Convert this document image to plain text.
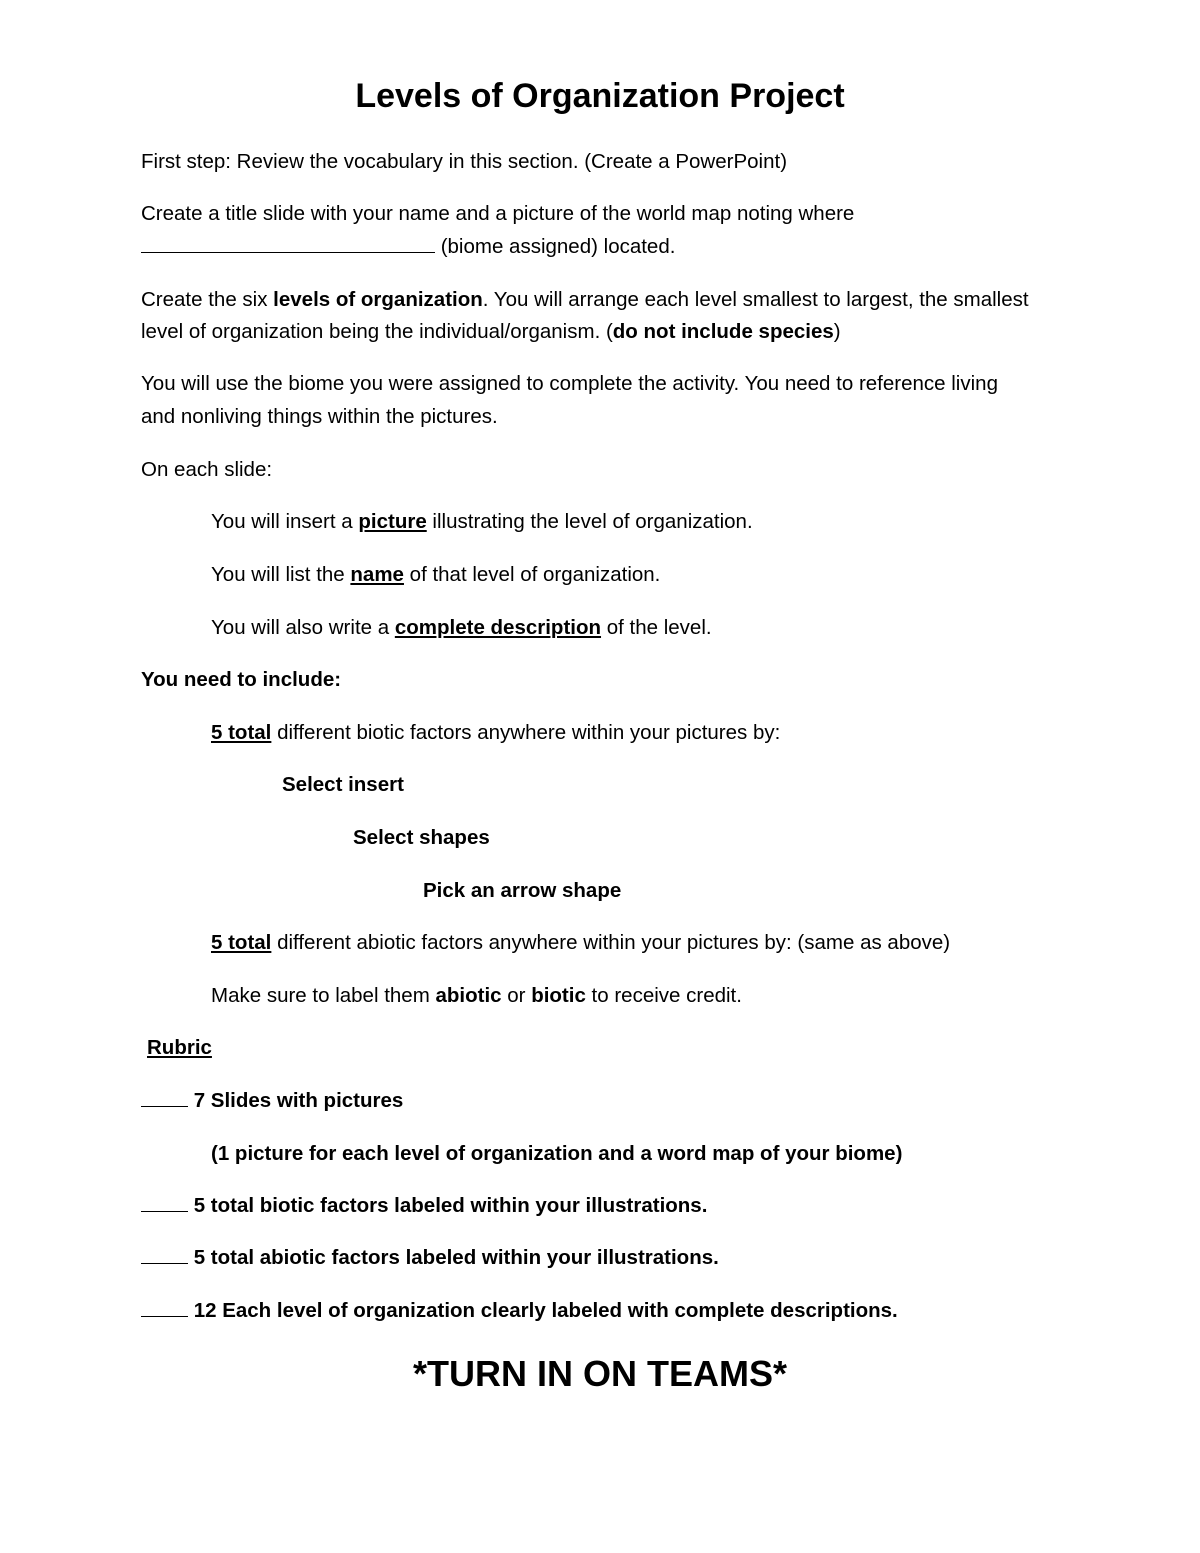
Levels of Organization Project
First step: Review the vocabulary in this section. (Create a PowerPoint)
Create a title slide with your name and a picture of the world map noting where
(biome assigned) located.
Create the six levels of organization. You will arrange each level smallest to largest, the smallest
level of organization being the individual/organism. (do not include species)
You will use the biome you were assigned to complete the activity. You need to reference living
and nonliving things within the pictures.
On each slide:
You will insert a picture illustrating the level of organization.
You will list the name of that level of organization.
You will also write a complete description of the level.
You need to include:
5 total different biotic factors anywhere within your pictures by:
Select insert
Select shapes
Pick an arrow shape
5 total different abiotic factors anywhere within your pictures by: (same as above)
Make sure to label them abiotic or biotic to receive credit.
Rubric
7 Slides with pictures
(1 picture for each level of organization and a word map of your biome)
5 total biotic factors labeled within your illustrations.
5 total abiotic factors labeled within your illustrations.
12 Each level of organization clearly labeled with complete descriptions.
*TURN IN ON TEAMS*
